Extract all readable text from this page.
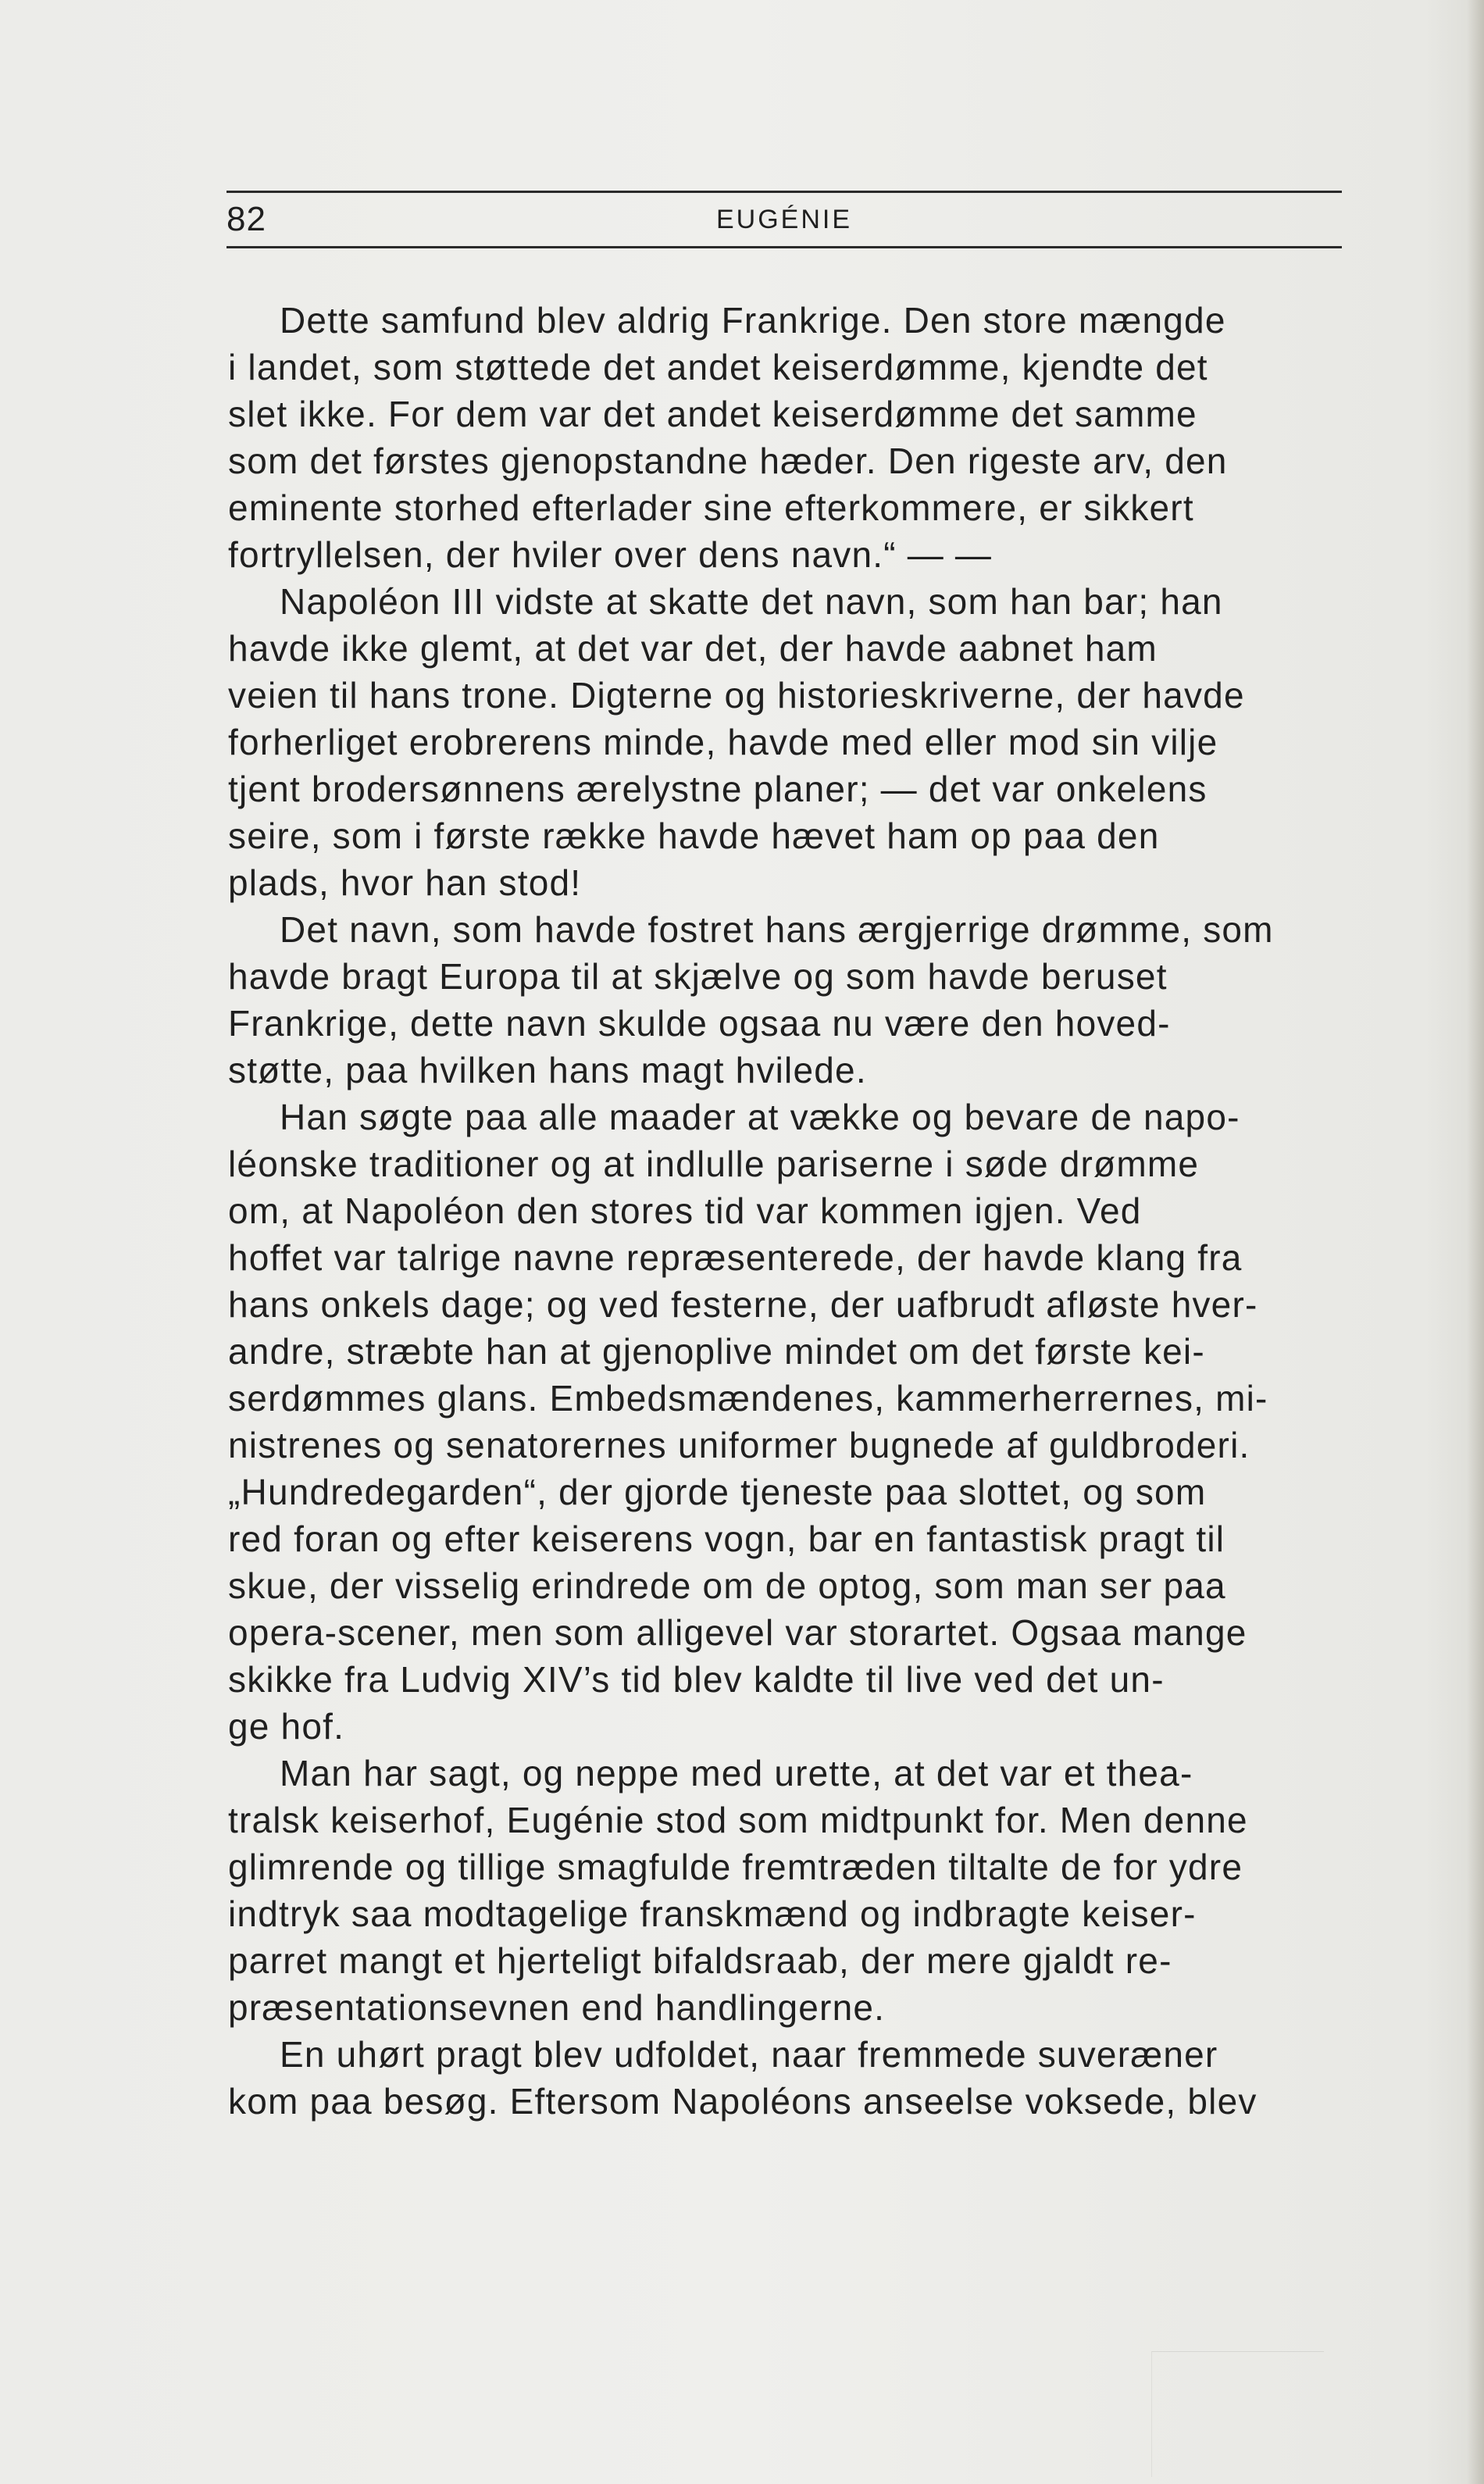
82	EUGÉNIE
Dette samfund blev aldrig Frankrige. Den store mængde
i landet, som støttede det andet keiserdømme, kjendte det
slet ikke. For dem var det andet keiserdømme det samme
som det førstes gjenopstandne hæder. Den rigeste arv, den
eminente storhed efterlader sine efterkommere, er sikkert
fortryllelsen, der hviler over dens navn.“ — —
Napoléon III vidste at skatte det navn, som han bar; han
havde ikke glemt, at det var det, der havde aabnet ham
veien til hans trone. Digterne og historieskriverne, der havde
forherliget erobrerens minde, havde med eller mod sin vilje
tjent brodersønnens ærelystne planer; — det var onkelens
seire, som i første række havde hævet ham op paa den
plads, hvor han stod!
Det navn, som havde fostret hans ærgjerrige drømme, som
havde bragt Europa til at skjælve og som havde beruset
Frankrige, dette navn skulde ogsaa nu være den hoved-
støtte, paa hvilken hans magt hvilede.
Han søgte paa alle maader at vække og bevare de napo-
léonske traditioner og at indlulle pariserne i søde drømme
om, at Napoléon den stores tid var kommen igjen. Ved
hoffet var talrige navne repræsenterede, der havde klang fra
hans onkels dage; og ved festerne, der uafbrudt afløste hver-
andre, stræbte han at gjenoplive mindet om det første kei-
serdømmes glans. Embedsmændenes, kammerherrernes, mi-
nistrenes og senatorernes uniformer bugnede af guldbroderi.
„Hundredegarden“, der gjorde tjeneste paa slottet, og som
red foran og efter keiserens vogn, bar en fantastisk pragt til
skue, der visselig erindrede om de optog, som man ser paa
opera-scener, men som alligevel var storartet. Ogsaa mange
skikke fra Ludvig XIV’s tid blev kaldte til live ved det un-
ge hof.
Man har sagt, og neppe med urette, at det var et thea-
tralsk keiserhof, Eugénie stod som midtpunkt for. Men denne
glimrende og tillige smagfulde fremtræden tiltalte de for ydre
indtryk saa modtagelige franskmænd og indbragte keiser-
parret mangt et hjerteligt bifaldsraab, der mere gjaldt re-
præsentationsevnen end handlingerne.
En uhørt pragt blev udfoldet, naar fremmede suveræner
kom paa besøg. Eftersom Napoléons anseelse voksede, blev
